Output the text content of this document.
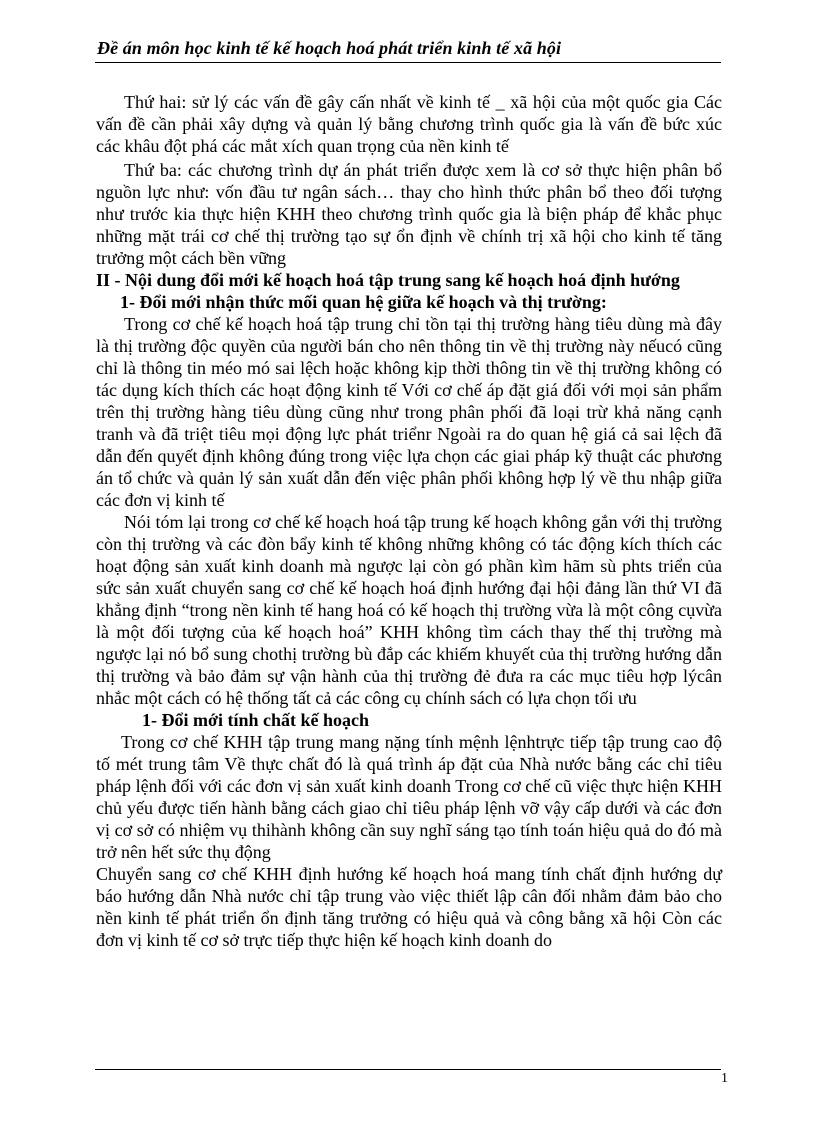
Đề án môn học kinh tế kế hoạch hoá phát triển kinh tế xã hội

Thứ hai: sử lý các vấn đề gây cấn nhất về kinh tế _ xã hội của một quốc gia Các vấn đề cần phải xây dựng và quản lý bằng chương trình quốc gia là vấn đề bức xúc các khâu đột phá các mắt xích quan trọng của nền kinh tế

Thứ ba: các chương trình dự án phát triển được xem là cơ sở thực hiện phân bổ nguồn lực như: vốn đầu tư ngân sách… thay cho hình thức phân bổ theo đối tượng như trước kia thực hiện KHH theo chương trình quốc gia là biện pháp để khắc phục những mặt trái cơ chế thị trường tạo sự ổn định về chính trị xã hội cho kinh tế tăng trưởng một cách bền vững

II - Nội dung đổi mới kế hoạch hoá tập trung sang kế hoạch hoá định hướng

1- Đổi mới nhận thức mối quan hệ giữa kế hoạch và thị trường:

Trong cơ chế kế hoạch hoá tập trung chỉ tồn tại thị trường hàng tiêu dùng mà đây là thị trường độc quyền của người bán cho nên thông tin về thị trường này nếucó cũng chỉ là thông tin méo mó sai lệch hoặc không kịp thời thông tin về thị trường không có tác dụng kích thích các hoạt động kinh tế Với cơ chế áp đặt giá đối với mọi sản phẩm trên thị trường hàng tiêu dùng cũng như trong phân phối đã loại trừ khả năng cạnh tranh và đã triệt tiêu mọi động lực phát triểnr Ngoài ra do quan hệ giá cả sai lệch đã dẫn đến quyết định không đúng trong việc lựa chọn các giai pháp kỹ thuật các phương án tổ chức và quản lý sản xuất dẫn đến việc phân phối không hợp lý về thu nhập giữa các đơn vị kinh tế

Nói tóm lại trong cơ chế kế hoạch hoá tập trung kế hoạch không gắn với thị trường còn thị trường và các đòn bẩy kinh tế không những không có tác động kích thích các hoạt động sản xuất kinh doanh mà ngược lại còn gó phần kìm hãm sù phts triển của sức sản xuất chuyển sang cơ chế kế hoạch hoá định hướng đại hội đảng lần thứ VI đã khẳng định “trong nền kinh tế hang hoá có kế hoạch thị trường vừa là một công cụvừa là một đối tượng của kế hoạch hoá” KHH không tìm cách thay thế thị trường mà ngược lại nó bổ sung chothị trường bù đắp các khiếm khuyết của thị trường hướng dẫn thị trường và bảo đảm sự vận hành của thị trường đẻ đưa ra các mục tiêu hợp lýcân nhắc một cách có hệ thống tất cả các công cụ chính sách có lựa chọn tối ưu

1- Đổi mới tính chất kế hoạch

Trong cơ chế KHH tập trung mang nặng tính mệnh lệnhtrực tiếp tập trung cao độ tố mét trung tâm Về thực chất đó là quá trình áp đặt của Nhà nước bằng các chỉ tiêu pháp lệnh đối với các đơn vị sản xuất kinh doanh Trong cơ chế cũ việc thực hiện KHH chủ yếu được tiến hành bằng cách giao chỉ tiêu pháp lệnh vỡ vậy cấp dưới và các đơn vị cơ sở có nhiệm vụ thihành không cần suy nghĩ sáng tạo tính toán hiệu quả do đó mà trở nên hết sức thụ động

Chuyển sang cơ chế KHH định hướng kế hoạch hoá mang tính chất định hướng dự báo hướng dẫn Nhà nước chỉ tập trung vào việc thiết lập cân đối nhằm đảm bảo cho nền kinh tế phát triển ổn định tăng trưởng có hiệu quả và công bằng xã hội Còn các đơn vị kinh tế cơ sở trực tiếp thực hiện kế hoạch kinh doanh do

1
